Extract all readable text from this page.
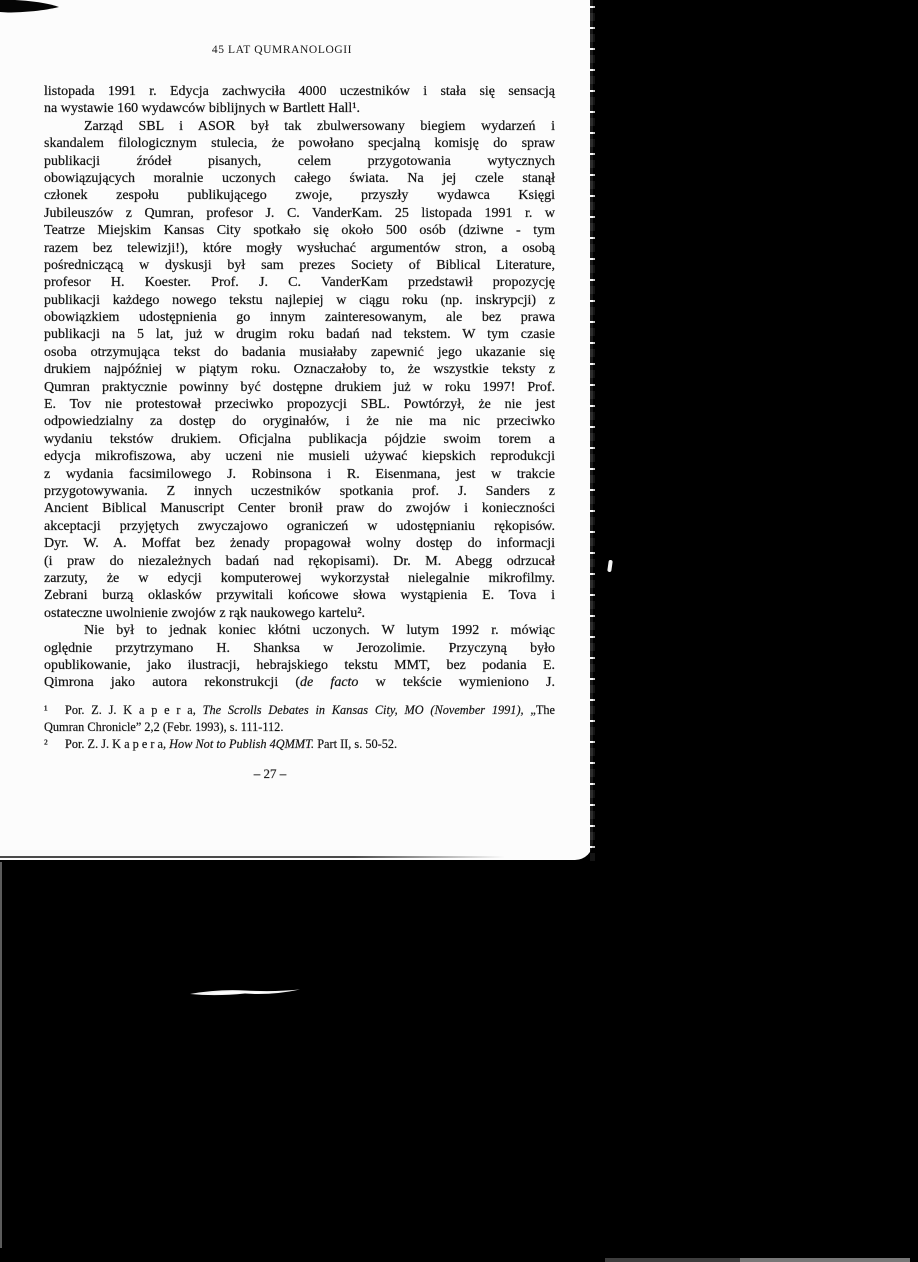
45 LAT QUMRANOLOGII
listopada 1991 r. Edycja zachwyciła 4000 uczestników i stała się sensacją
na wystawie 160 wydawców biblijnych w Bartlett Hall¹.
Zarząd SBL i ASOR był tak zbulwersowany biegiem wydarzeń i
skandalem filologicznym stulecia, że powołano specjalną komisję do spraw
publikacji źródeł pisanych, celem przygotowania wytycznych
obowiązujących moralnie uczonych całego świata. Na jej czele stanął
członek zespołu publikującego zwoje, przyszły wydawca Księgi
Jubileuszów z Qumran, profesor J. C. VanderKam. 25 listopada 1991 r. w
Teatrze Miejskim Kansas City spotkało się około 500 osób (dziwne - tym
razem bez telewizji!), które mogły wysłuchać argumentów stron, a osobą
pośredniczącą w dyskusji był sam prezes Society of Biblical Literature,
profesor H. Koester. Prof. J. C. VanderKam przedstawił propozycję
publikacji każdego nowego tekstu najlepiej w ciągu roku (np. inskrypcji) z
obowiązkiem udostępnienia go innym zainteresowanym, ale bez prawa
publikacji na 5 lat, już w drugim roku badań nad tekstem. W tym czasie
osoba otrzymująca tekst do badania musiałaby zapewnić jego ukazanie się
drukiem najpóźniej w piątym roku. Oznaczałoby to, że wszystkie teksty z
Qumran praktycznie powinny być dostępne drukiem już w roku 1997! Prof.
E. Tov nie protestował przeciwko propozycji SBL. Powtórzył, że nie jest
odpowiedzialny za dostęp do oryginałów, i że nie ma nic przeciwko
wydaniu tekstów drukiem. Oficjalna publikacja pójdzie swoim torem a
edycja mikrofiszowa, aby uczeni nie musieli używać kiepskich reprodukcji
z wydania facsimilowego J. Robinsona i R. Eisenmana, jest w trakcie
przygotowywania. Z innych uczestników spotkania prof. J. Sanders z
Ancient Biblical Manuscript Center bronił praw do zwojów i konieczności
akceptacji przyjętych zwyczajowo ograniczeń w udostępnianiu rękopisów.
Dyr. W. A. Moffat bez żenady propagował wolny dostęp do informacji
(i praw do niezależnych badań nad rękopisami). Dr. M. Abegg odrzucał
zarzuty, że w edycji komputerowej wykorzystał nielegalnie mikrofilmy.
Zebrani burzą oklasków przywitali końcowe słowa wystąpienia E. Tova i
ostateczne uwolnienie zwojów z rąk naukowego kartelu².
Nie był to jednak koniec kłótni uczonych. W lutym 1992 r. mówiąc
oględnie przytrzymano H. Shanksa w Jerozolimie. Przyczyną było
opublikowanie, jako ilustracji, hebrajskiego tekstu MMT, bez podania E.
Qimrona jako autora rekonstrukcji (de facto w tekście wymieniono J.
¹ Por. Z. J. K a p e r a, The Scrolls Debates in Kansas City, MO (November 1991), „The
Qumran Chronicle” 2,2 (Febr. 1993), s. 111-112.
² Por. Z. J. K a p e r a, How Not to Publish 4QMMT. Part II, s. 50-52.
– 27 –
